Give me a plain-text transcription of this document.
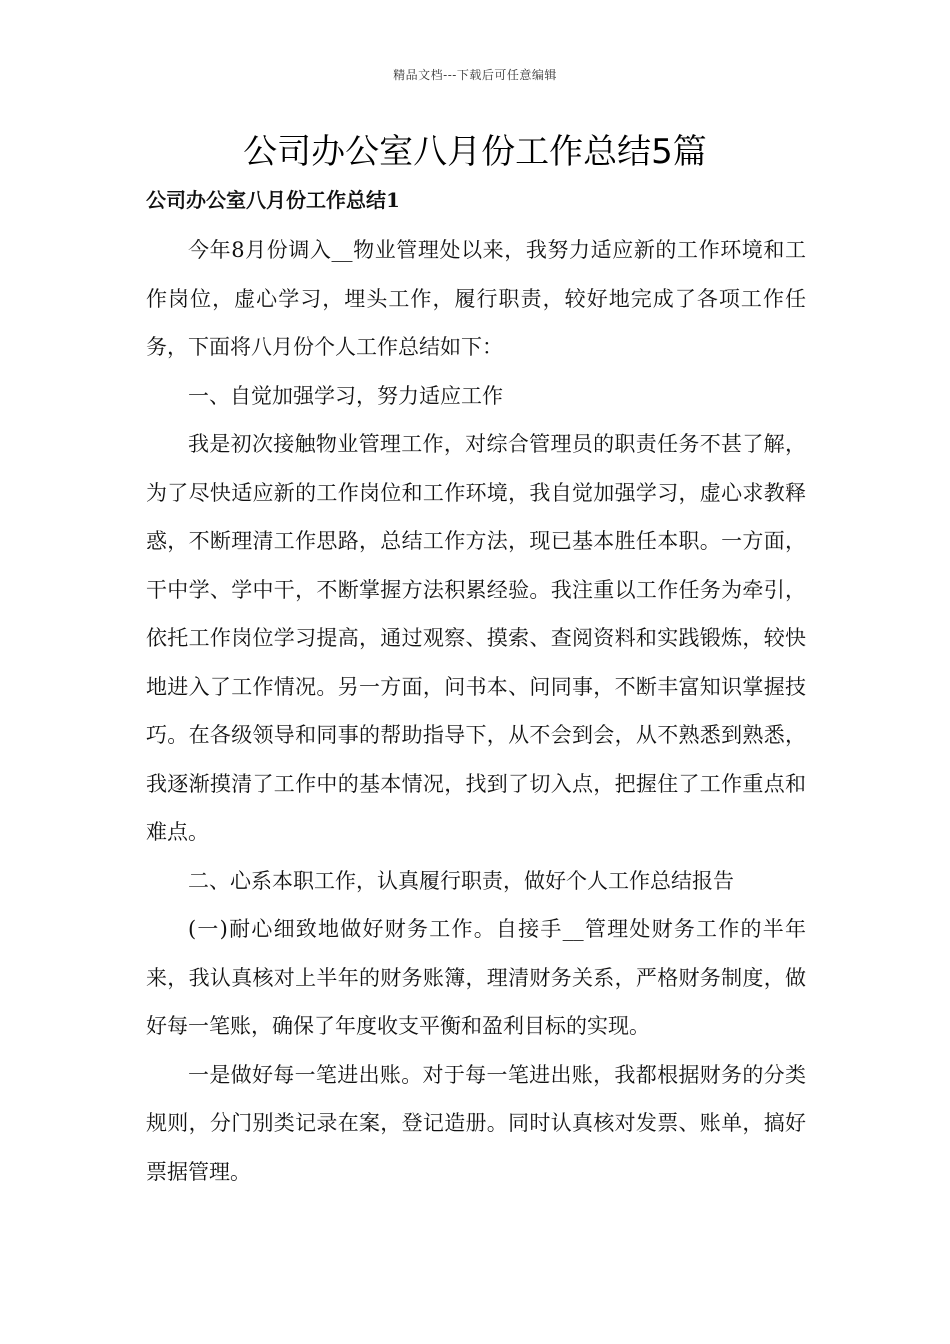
精品文档---下载后可任意编辑
公司办公室八月份工作总结5篇
公司办公室八月份工作总结1

今年8月份调入__物业管理处以来，我努力适应新的工作环境和工作岗位，虚心学习，埋头工作，履行职责，较好地完成了各项工作任务，下面将八月份个人工作总结如下：

一、自觉加强学习，努力适应工作

我是初次接触物业管理工作，对综合管理员的职责任务不甚了解，为了尽快适应新的工作岗位和工作环境，我自觉加强学习，虚心求教释惑，不断理清工作思路，总结工作方法，现已基本胜任本职。一方面，干中学、学中干，不断掌握方法积累经验。我注重以工作任务为牵引，依托工作岗位学习提高，通过观察、摸索、查阅资料和实践锻炼，较快地进入了工作情况。另一方面，问书本、问同事，不断丰富知识掌握技巧。在各级领导和同事的帮助指导下，从不会到会，从不熟悉到熟悉，我逐渐摸清了工作中的基本情况，找到了切入点，把握住了工作重点和难点。

二、心系本职工作，认真履行职责，做好个人工作总结报告

(一)耐心细致地做好财务工作。自接手__管理处财务工作的半年来，我认真核对上半年的财务账簿，理清财务关系，严格财务制度，做好每一笔账，确保了年度收支平衡和盈利目标的实现。

一是做好每一笔进出账。对于每一笔进出账，我都根据财务的分类规则，分门别类记录在案，登记造册。同时认真核对发票、账单，搞好票据管理。
